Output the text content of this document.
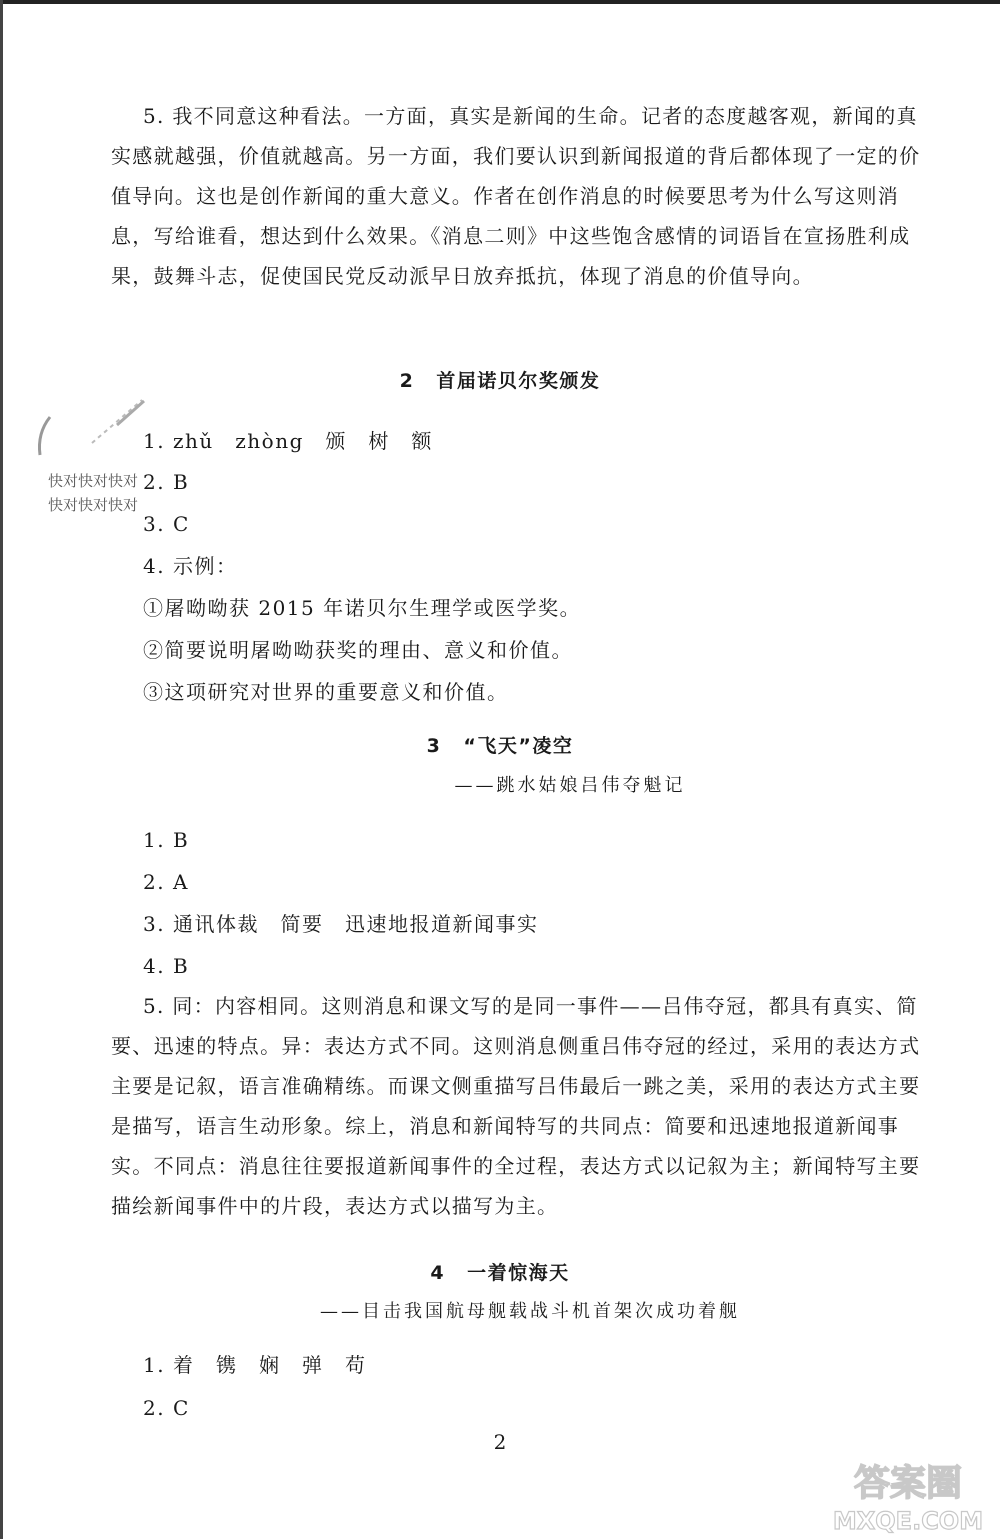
5. 我不同意这种看法。一方面，真实是新闻的生命。记者的态度越客观，新闻的真实感就越强，价值就越高。另一方面，我们要认识到新闻报道的背后都体现了一定的价值导向。这也是创作新闻的重大意义。作者在创作消息的时候要思考为什么写这则消息，写给谁看，想达到什么效果。《消息二则》中这些饱含感情的词语旨在宣扬胜利成果，鼓舞斗志，促使国民党反动派早日放弃抵抗，体现了消息的价值导向。

2 首届诺贝尔奖颁发
1. zhǔ　zhòng　颁　树　额
2. B
快对快对快对
快对快对快对
3. C
4. 示例：
①屠呦呦获 2015 年诺贝尔生理学或医学奖。
②简要说明屠呦呦获奖的理由、意义和价值。
③这项研究对世界的重要意义和价值。
3 “飞天”凌空
——跳水姑娘吕伟夺魁记
1. B
2. A
3. 通讯体裁　简要　迅速地报道新闻事实
4. B

5. 同：内容相同。这则消息和课文写的是同一事件——吕伟夺冠，都具有真实、简要、迅速的特点。异：表达方式不同。这则消息侧重吕伟夺冠的经过，采用的表达方式主要是记叙，语言准确精练。而课文侧重描写吕伟最后一跳之美，采用的表达方式主要是描写，语言生动形象。综上，消息和新闻特写的共同点：简要和迅速地报道新闻事实。不同点：消息往往要报道新闻事件的全过程，表达方式以记叙为主；新闻特写主要描绘新闻事件中的片段，表达方式以描写为主。

4 一着惊海天
——目击我国航母舰载战斗机首架次成功着舰
1. 着　镌　娴　弹　苟
2. C
2
答案圈
MXQE.COM
